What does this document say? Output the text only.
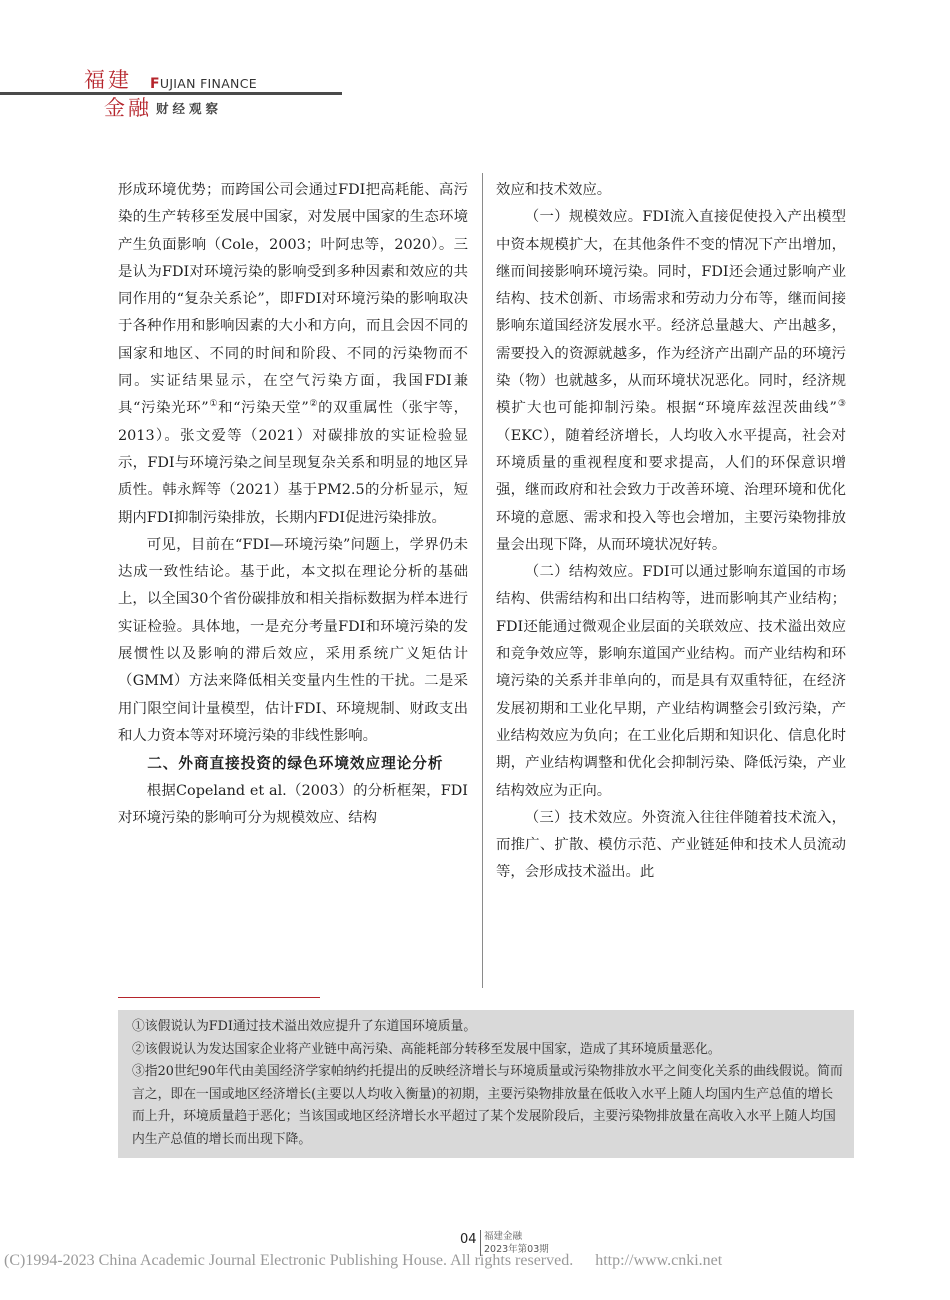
福建
金融
FUJIAN FINANCE
财经观察

形成环境优势；而跨国公司会通过FDI把高耗能、高污染的生产转移至发展中国家，对发展中国家的生态环境产生负面影响（Cole，2003；叶阿忠等，2020）。三是认为FDI对环境污染的影响受到多种因素和效应的共同作用的“复杂关系论”，即FDI对环境污染的影响取决于各种作用和影响因素的大小和方向，而且会因不同的国家和地区、不同的时间和阶段、不同的污染物而不同。实证结果显示，在空气污染方面，我国FDI兼具“污染光环”①和“污染天堂”②的双重属性（张宇等，2013）。张文爱等（2021）对碳排放的实证检验显示，FDI与环境污染之间呈现复杂关系和明显的地区异质性。韩永辉等（2021）基于PM2.5的分析显示，短期内FDI抑制污染排放，长期内FDI促进污染排放。

可见，目前在“FDI—环境污染”问题上，学界仍未达成一致性结论。基于此，本文拟在理论分析的基础上，以全国30个省份碳排放和相关指标数据为样本进行实证检验。具体地，一是充分考量FDI和环境污染的发展惯性以及影响的滞后效应，采用系统广义矩估计（GMM）方法来降低相关变量内生性的干扰。二是采用门限空间计量模型，估计FDI、环境规制、财政支出和人力资本等对环境污染的非线性影响。

二、外商直接投资的绿色环境效应理论分析

根据Copeland et al.（2003）的分析框架，FDI对环境污染的影响可分为规模效应、结构

效应和技术效应。

（一）规模效应。FDI流入直接促使投入产出模型中资本规模扩大，在其他条件不变的情况下产出增加，继而间接影响环境污染。同时，FDI还会通过影响产业结构、技术创新、市场需求和劳动力分布等，继而间接影响东道国经济发展水平。经济总量越大、产出越多，需要投入的资源就越多，作为经济产出副产品的环境污染（物）也就越多，从而环境状况恶化。同时，经济规模扩大也可能抑制污染。根据“环境库兹涅茨曲线”③（EKC），随着经济增长，人均收入水平提高，社会对环境质量的重视程度和要求提高，人们的环保意识增强，继而政府和社会致力于改善环境、治理环境和优化环境的意愿、需求和投入等也会增加，主要污染物排放量会出现下降，从而环境状况好转。

（二）结构效应。FDI可以通过影响东道国的市场结构、供需结构和出口结构等，进而影响其产业结构；FDI还能通过微观企业层面的关联效应、技术溢出效应和竞争效应等，影响东道国产业结构。而产业结构和环境污染的关系并非单向的，而是具有双重特征，在经济发展初期和工业化早期，产业结构调整会引致污染，产业结构效应为负向；在工业化后期和知识化、信息化时期，产业结构调整和优化会抑制污染、降低污染，产业结构效应为正向。

（三）技术效应。外资流入往往伴随着技术流入，而推广、扩散、模仿示范、产业链延伸和技术人员流动等，会形成技术溢出。此

①该假说认为FDI通过技术溢出效应提升了东道国环境质量。

②该假说认为发达国家企业将产业链中高污染、高能耗部分转移至发展中国家，造成了其环境质量恶化。

③指20世纪90年代由美国经济学家帕纳约托提出的反映经济增长与环境质量或污染物排放水平之间变化关系的曲线假说。简而言之，即在一国或地区经济增长(主要以人均收入衡量)的初期，主要污染物排放量在低收入水平上随人均国内生产总值的增长而上升，环境质量趋于恶化；当该国或地区经济增长水平超过了某个发展阶段后，主要污染物排放量在高收入水平上随人均国内生产总值的增长而出现下降。

04 福建金融
2023年第03期
(C)1994-2023 China Academic Journal Electronic Publishing House. All rights reserved. http://www.cnki.net
